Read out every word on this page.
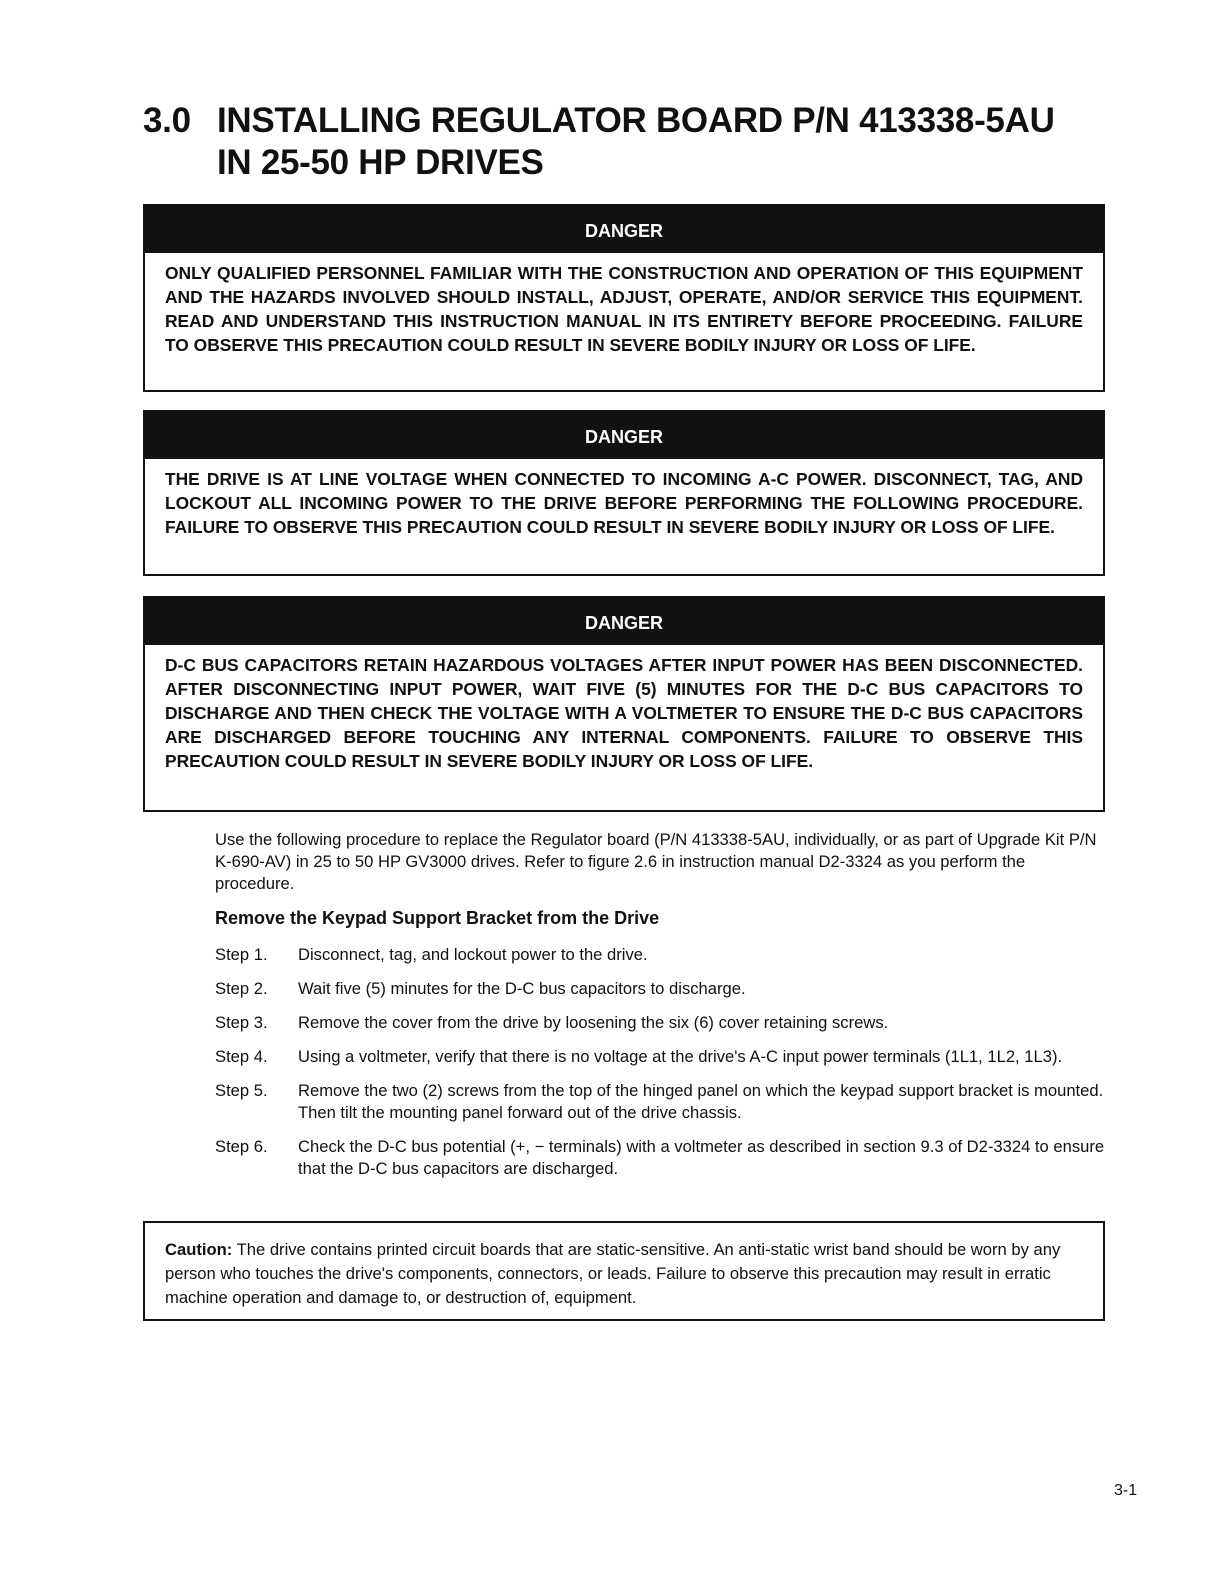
3.0 INSTALLING REGULATOR BOARD P/N 413338-5AU
IN 25-50 HP DRIVES
DANGER
ONLY QUALIFIED PERSONNEL FAMILIAR WITH THE CONSTRUCTION AND OPERATION OF THIS EQUIPMENT AND THE HAZARDS INVOLVED SHOULD INSTALL, ADJUST, OPERATE, AND/OR SERVICE THIS EQUIPMENT. READ AND UNDERSTAND THIS INSTRUCTION MANUAL IN ITS ENTIRETY BEFORE PROCEEDING. FAILURE TO OBSERVE THIS PRECAUTION COULD RESULT IN SEVERE BODILY INJURY OR LOSS OF LIFE.
DANGER
THE DRIVE IS AT LINE VOLTAGE WHEN CONNECTED TO INCOMING A-C POWER. DISCONNECT, TAG, AND LOCKOUT ALL INCOMING POWER TO THE DRIVE BEFORE PERFORMING THE FOLLOWING PROCEDURE. FAILURE TO OBSERVE THIS PRECAUTION COULD RESULT IN SEVERE BODILY INJURY OR LOSS OF LIFE.
DANGER
D-C BUS CAPACITORS RETAIN HAZARDOUS VOLTAGES AFTER INPUT POWER HAS BEEN DISCONNECTED. AFTER DISCONNECTING INPUT POWER, WAIT FIVE (5) MINUTES FOR THE D-C BUS CAPACITORS TO DISCHARGE AND THEN CHECK THE VOLTAGE WITH A VOLTMETER TO ENSURE THE D-C BUS CAPACITORS ARE DISCHARGED BEFORE TOUCHING ANY INTERNAL COMPONENTS. FAILURE TO OBSERVE THIS PRECAUTION COULD RESULT IN SEVERE BODILY INJURY OR LOSS OF LIFE.
Use the following procedure to replace the Regulator board (P/N 413338-5AU, individually, or as part of Upgrade Kit P/N K-690-AV) in 25 to 50 HP GV3000 drives. Refer to figure 2.6 in instruction manual D2-3324 as you perform the procedure.
Remove the Keypad Support Bracket from the Drive
Step 1.	Disconnect, tag, and lockout power to the drive.
Step 2.	Wait five (5) minutes for the D-C bus capacitors to discharge.
Step 3.	Remove the cover from the drive by loosening the six (6) cover retaining screws.
Step 4.	Using a voltmeter, verify that there is no voltage at the drive's A-C input power terminals (1L1, 1L2, 1L3).
Step 5.	Remove the two (2) screws from the top of the hinged panel on which the keypad support bracket is mounted. Then tilt the mounting panel forward out of the drive chassis.
Step 6.	Check the D-C bus potential (+, − terminals) with a voltmeter as described in section 9.3 of D2-3324 to ensure that the D-C bus capacitors are discharged.
Caution: The drive contains printed circuit boards that are static-sensitive. An anti-static wrist band should be worn by any person who touches the drive's components, connectors, or leads. Failure to observe this precaution may result in erratic machine operation and damage to, or destruction of, equipment.
3-1
